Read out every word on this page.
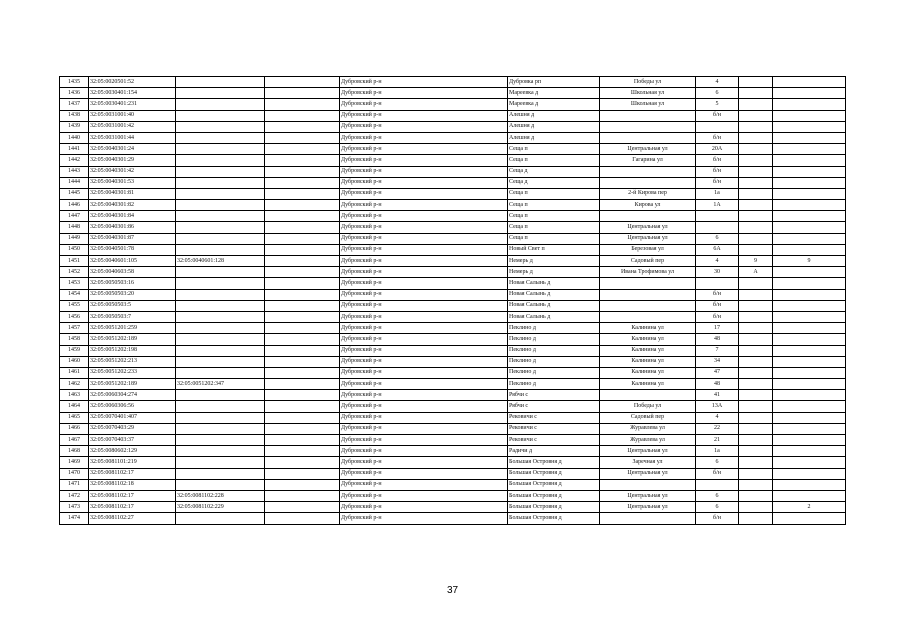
1435	32:05:0020501:52			Дубровский р-н	Дубровка рп	Победы ул	4		
1436	32:05:0030401:154			Дубровский р-н	Мареевка д	Школьная ул	6		
1437	32:05:0030401:231			Дубровский р-н	Мареевка д	Школьная ул	5		
1438	32:05:0031001:40			Дубровский р-н	Алешня д		б/н		
1439	32:05:0031001:42			Дубровский р-н	Алешня д				
1440	32:05:0031001:44			Дубровский р-н	Алешня д		б/н		
1441	32:05:0040301:24			Дубровский р-н	Сеща п	Центральная ул	20А		
1442	32:05:0040301:29			Дубровский р-н	Сеща п	Гагарина ул	б/н		
1443	32:05:0040301:42			Дубровский р-н	Сеща д		б/н		
1444	32:05:0040301:53			Дубровский р-н	Сеща д		б/н		
1445	32:05:0040301:81			Дубровский р-н	Сеща п	2-й Кирова пер	1а		
1446	32:05:0040301:82			Дубровский р-н	Сеща п	Кирова ул	1А		
1447	32:05:0040301:84			Дубровский р-н	Сеща п				
1448	32:05:0040301:86			Дубровский р-н	Сеща п	Центральная ул			
1449	32:05:0040301:87			Дубровский р-н	Сеща п	Центральная ул	6		
1450	32:05:0040501:78			Дубровский р-н	Новый Свет п	Березовая ул	6А		
1451	32:05:0040601:105	32:05:0040601:128		Дубровский р-н	Немерь д	Садовый пер	4	9	9
1452	32:05:0040603:58			Дубровский р-н	Немерь д	Ивана Трофимова ул	30	А	
1453	32:05:0050503:16			Дубровский р-н	Новая Салынь д				
1454	32:05:0050503:20			Дубровский р-н	Новая Салынь д		б/н		
1455	32:05:0050503:5			Дубровский р-н	Новая Салынь д		б/н		
1456	32:05:0050503:7			Дубровский р-н	Новая Салынь д		б/н		
1457	32:05:0051201:259			Дубровский р-н	Пеклино д	Калинина ул	17		
1458	32:05:0051202:189			Дубровский р-н	Пеклино д	Калинина ул	48		
1459	32:05:0051202:198			Дубровский р-н	Пеклино д	Калинина ул	7		
1460	32:05:0051202:213			Дубровский р-н	Пеклино д	Калинина ул	34		
1461	32:05:0051202:233			Дубровский р-н	Пеклино д	Калинина ул	47		
1462	32:05:0051202:189	32:05:0051202:347		Дубровский р-н	Пеклино д	Калинина ул	48		
1463	32:05:0060304:274			Дубровский р-н	Рябчи с		41		
1464	32:05:0060306:56			Дубровский р-н	Рябчи с	Победы ул	13А		
1465	32:05:0070401:407			Дубровский р-н	Рековичи с	Садовый пер	4		
1466	32:05:0070403:29			Дубровский р-н	Рековичи с	Журавлева ул	22		
1467	32:05:0070403:37			Дубровский р-н	Рековичи с	Журавлева ул	21		
1468	32:05:0080602:129			Дубровский р-н	Радичи д	Центральная ул	1а		
1469	32:05:0081101:219			Дубровский р-н	Большая Островня д	Заречная ул	6		
1470	32:05:0081102:17			Дубровский р-н	Большая Островня д	Центральная ул	б/н		
1471	32:05:0081102:18			Дубровский р-н	Большая Островня д				
1472	32:05:0081102:17	32:05:0081102:228		Дубровский р-н	Большая Островня д	Центральная ул	6		
1473	32:05:0081102:17	32:05:0081102:229		Дубровский р-н	Большая Островня д	Центральная ул	6		2
1474	32:05:0081102:27			Дубровский р-н	Большая Островня д		б/н		
37
